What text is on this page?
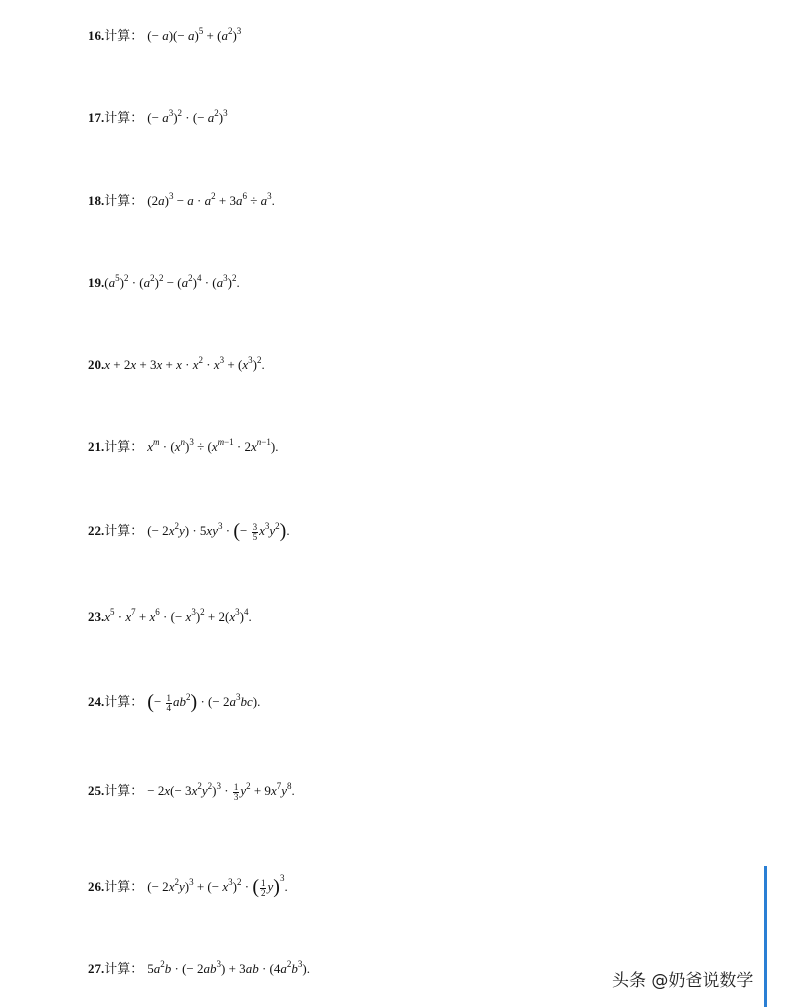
16.计算： (− $a)(- a)^5 + (a^2)^3$
17.计算： (− $a^3)^2$ · (− $a^2)^3$
18.计算： $(2a)^3 - a \cdot a^2 + 3a^6 \div a^3$.
$19.(a^5)^2 \cdot (a^2)^2 - (a^2)^4 \cdot (a^3)^2$.
$20.x + 2x + 3x + x \cdot x^2 \cdot x^3 + (x^3)^2$.
21.计算： $x^m \cdot (x^n)^3 \div (x^{m-1} \cdot 2x^{n-1})$.
22.计算： (− $2x^2y) \cdot 5xy^3$ · (− $\frac{3}{5} x^3y^2$).
$23.x^5 \cdot x^7 + x^6$ · (− $x^3)^2 + 2(x^3)^4$.
24.计算： (− $\frac{1}{4} ab^2$) · (− $2a^3bc$).
25.计算： − $2x(- 3x^2y^2)^3 \cdot \frac{1}{3} y^2 + 9x^7y^8$.
26.计算： (− $2x^2y)^3$ + (− $x^3)^2$ · ( $\frac{1}{2} y)^3$.
27.计算： $5a^2b$ · (− $2ab^3) + 3ab \cdot (4a^2b^3)$.
头条 @奶爸说数学
